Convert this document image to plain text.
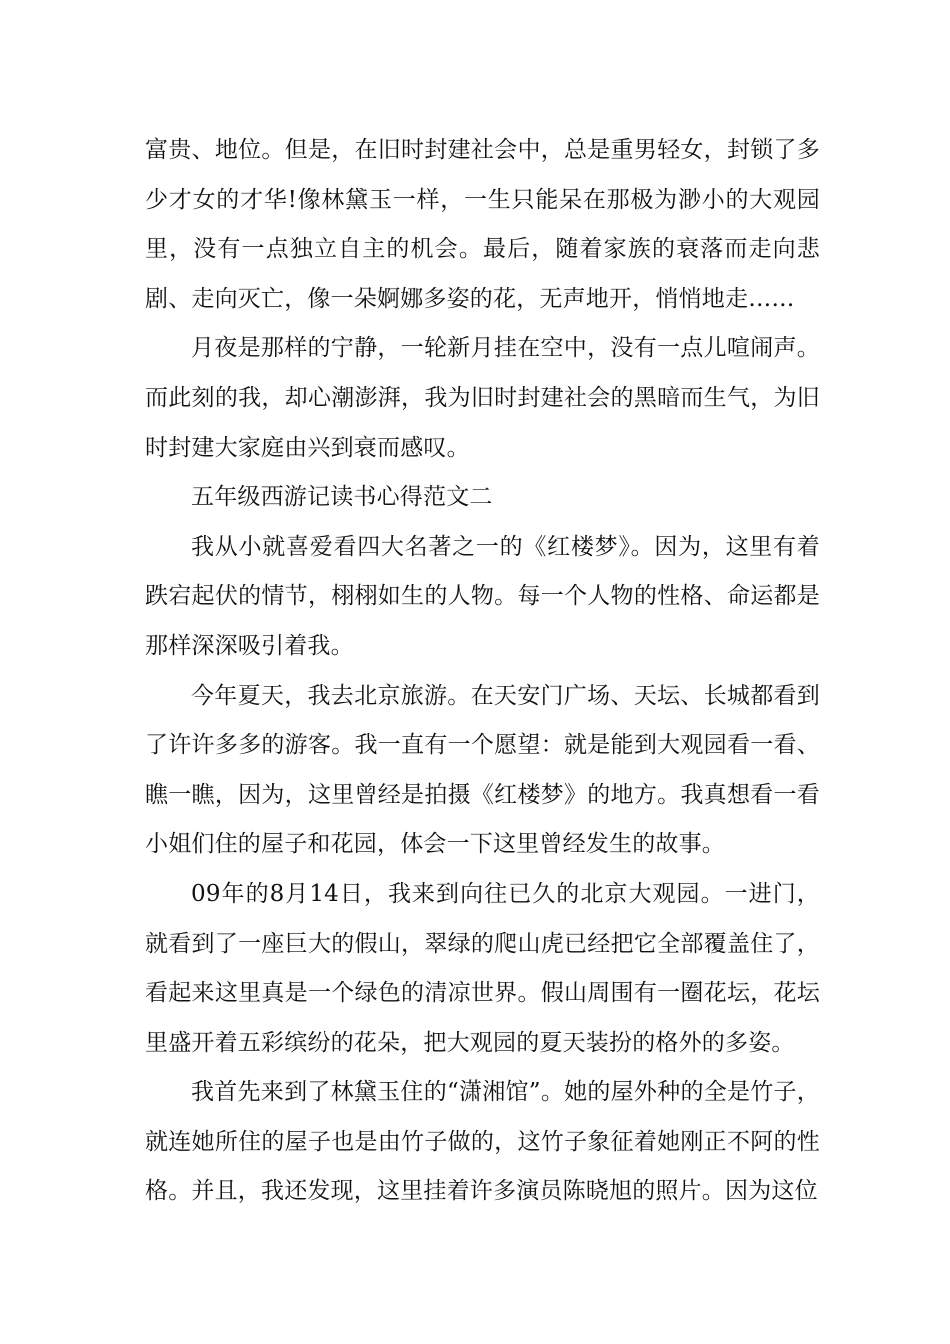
富贵、地位。但是，在旧时封建社会中，总是重男轻女，封锁了多少才女的才华!像林黛玉一样，一生只能呆在那极为渺小的大观园里，没有一点独立自主的机会。最后，随着家族的衰落而走向悲剧、走向灭亡，像一朵婀娜多姿的花，无声地开，悄悄地走……

月夜是那样的宁静，一轮新月挂在空中，没有一点儿喧闹声。而此刻的我，却心潮澎湃，我为旧时封建社会的黑暗而生气，为旧时封建大家庭由兴到衰而感叹。

五年级西游记读书心得范文二

我从小就喜爱看四大名著之一的《红楼梦》。因为，这里有着跌宕起伏的情节，栩栩如生的人物。每一个人物的性格、命运都是那样深深吸引着我。

今年夏天，我去北京旅游。在天安门广场、天坛、长城都看到了许许多多的游客。我一直有一个愿望：就是能到大观园看一看、瞧一瞧，因为，这里曾经是拍摄《红楼梦》的地方。我真想看一看小姐们住的屋子和花园，体会一下这里曾经发生的故事。

09年的8月14日，我来到向往已久的北京大观园。一进门，就看到了一座巨大的假山，翠绿的爬山虎已经把它全部覆盖住了，看起来这里真是一个绿色的清凉世界。假山周围有一圈花坛，花坛里盛开着五彩缤纷的花朵，把大观园的夏天装扮的格外的多姿。

我首先来到了林黛玉住的“潇湘馆”。她的屋外种的全是竹子，就连她所住的屋子也是由竹子做的，这竹子象征着她刚正不阿的性格。并且，我还发现，这里挂着许多演员陈晓旭的照片。因为这位
